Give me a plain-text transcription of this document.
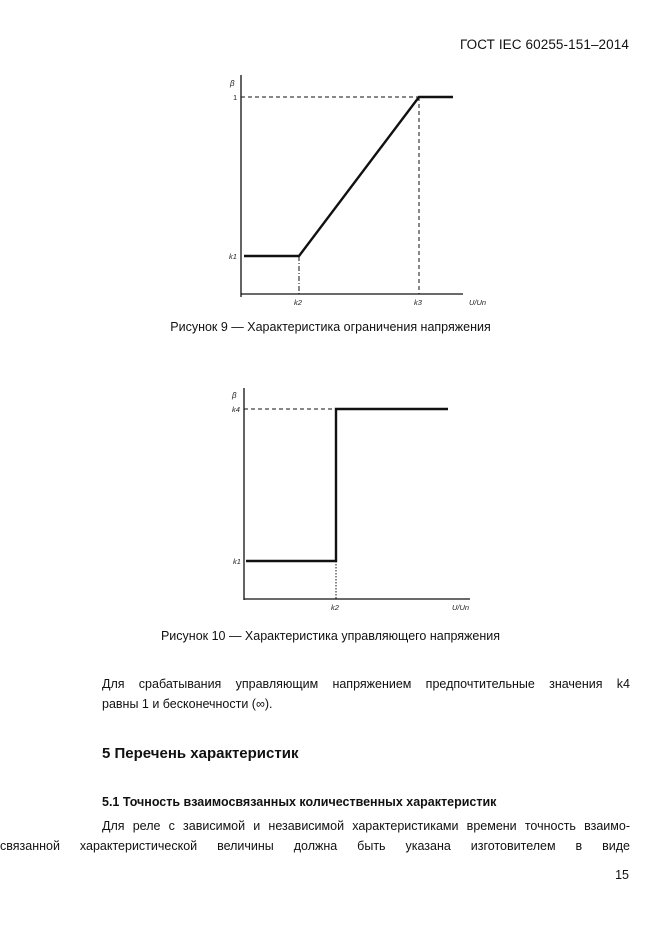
ГОСТ IEC 60255-151–2014
β
1
k1
k2	k3	U/Un
β
k4
k1
k2	U/Un
Рисунок 9 — Характеристика ограничения напряжения
Рисунок 10 — Характеристика управляющего напряжения
Для срабатывания управляющим напряжением предпочтительные значения k4
равны 1 и бесконечности (∞).
5 Перечень характеристик
5.1 Точность взаимосвязанных количественных характеристик
Для реле с зависимой и независимой характеристиками времени точность взаимо-
связанной характеристической величины должна быть указана изготовителем в виде
15
